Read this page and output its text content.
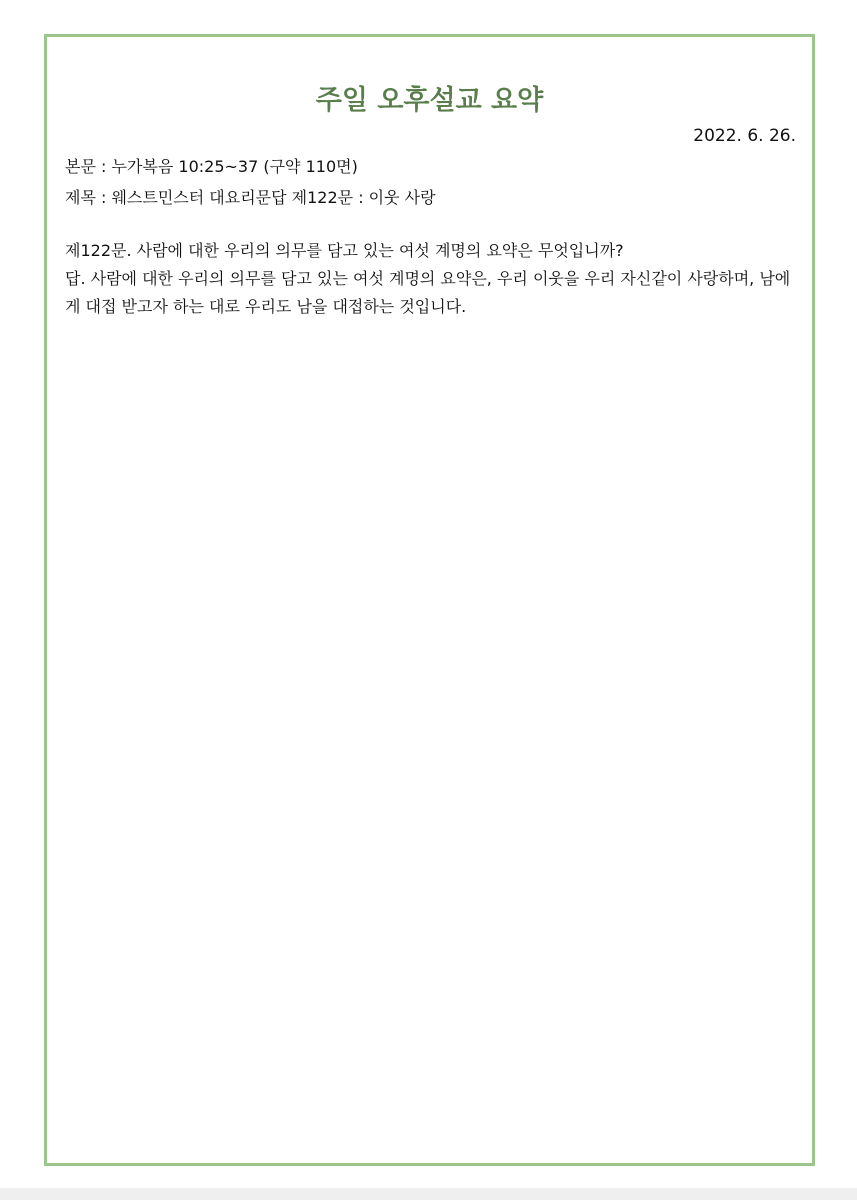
주일 오후설교 요약
2022. 6. 26.
본문 : 누가복음 10:25~37 (구약 110면)
제목 : 웨스트민스터 대요리문답 제122문 : 이웃 사랑

제122문. 사람에 대한 우리의 의무를 담고 있는 여섯 계명의 요약은 무엇입니까?

답. 사람에 대한 우리의 의무를 담고 있는 여섯 계명의 요약은, 우리 이웃을 우리 자신같이 사랑하며, 남에게 대접 받고자 하는 대로 우리도 남을 대접하는 것입니다.
